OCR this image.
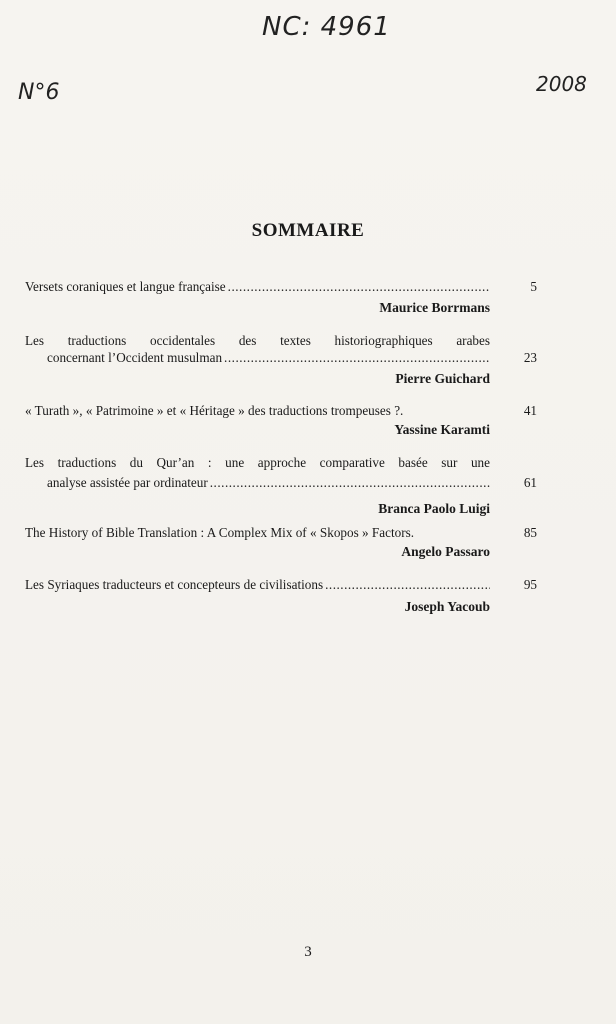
NC: 4961
N°6	2008
SOMMAIRE
Versets coraniques et langue française .....	5
Maurice Borrmans
Les traductions occidentales des textes historiographiques arabes
concernant l’Occident musulman .....	23
Pierre Guichard
« Turath », « Patrimoine » et « Héritage » des traductions trompeuses ?.	41
Yassine Karamti
Les traductions du Qur’an : une approche comparative basée sur une
analyse assistée par ordinateur .....	61
Branca Paolo Luigi
The History of Bible Translation : A Complex Mix of « Skopos » Factors.	85
Angelo Passaro
Les Syriaques traducteurs et concepteurs de civilisations .....	95
Joseph Yacoub
3
